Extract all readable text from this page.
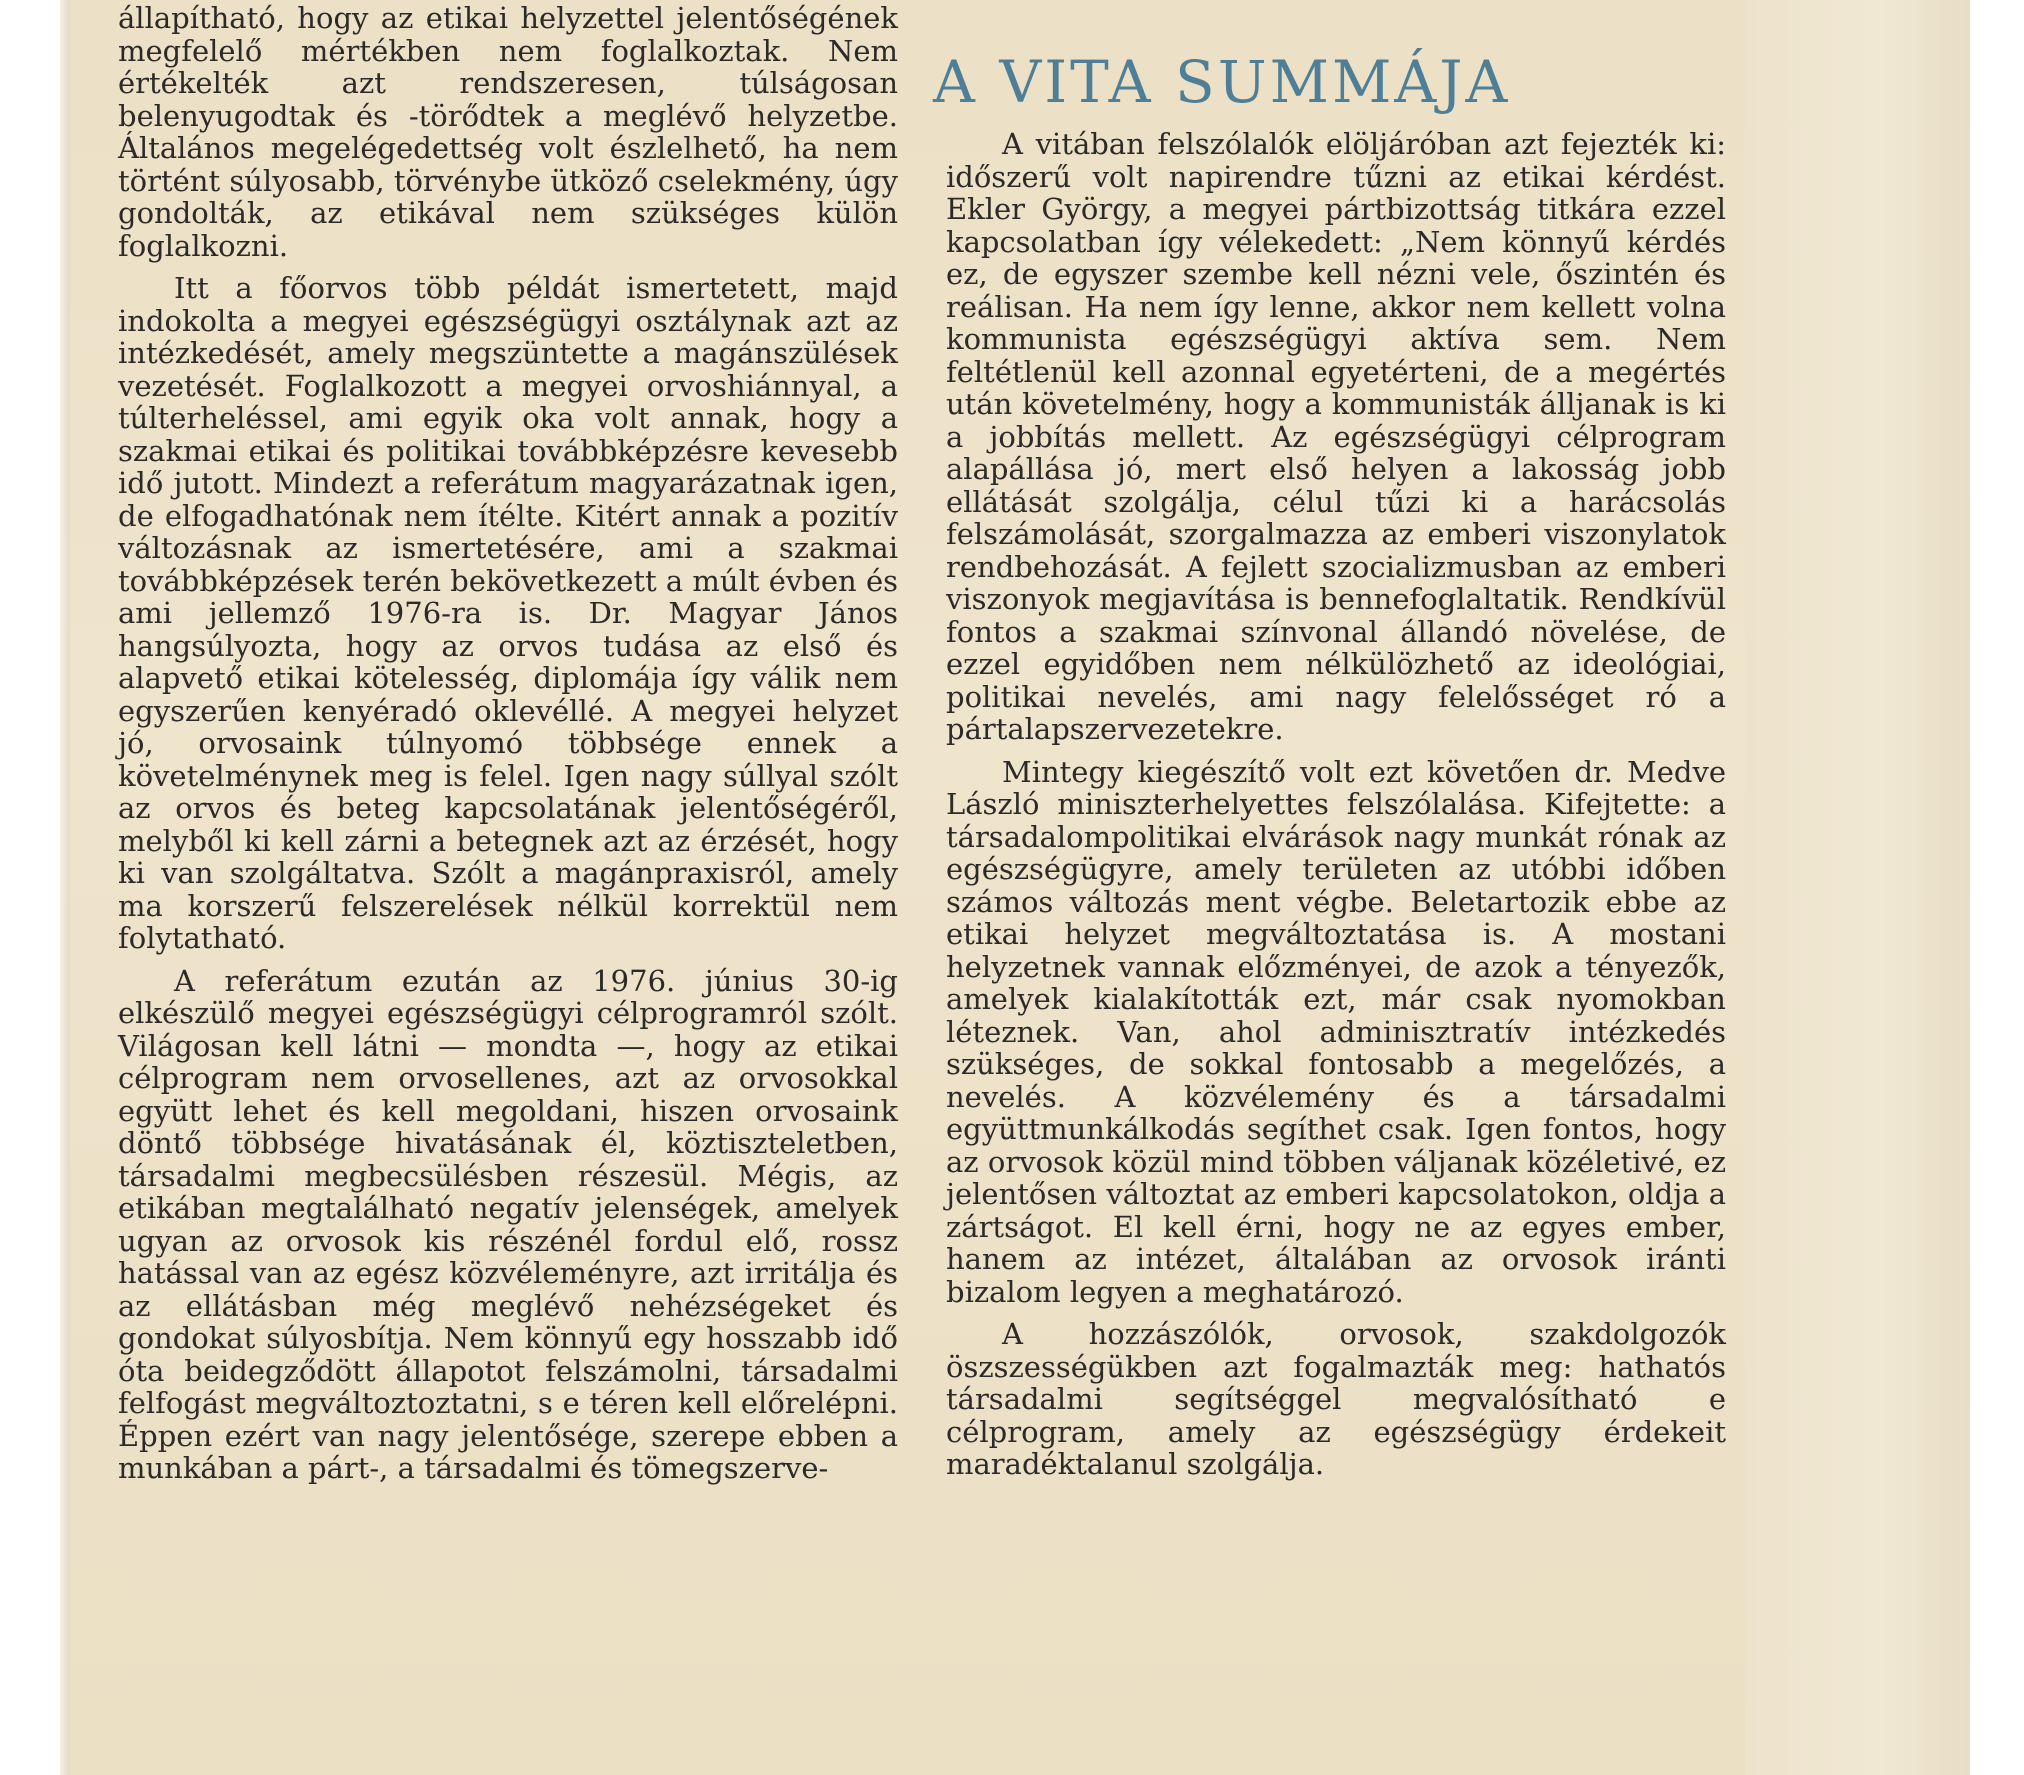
A VITA SUMMÁJA

állapítható, hogy az etikai helyzettel jelentőségének megfelelő mértékben nem foglalkoztak. Nem értékelték azt rendszeresen, túlságosan belenyugodtak és -törődtek a meglévő helyzetbe. Általános megelégedettség volt észlelhető, ha nem történt súlyosabb, törvénybe ütköző cselekmény, úgy gondolták, az etikával nem szükséges külön foglalkozni.

Itt a főorvos több példát ismertetett, majd indokolta a megyei egészségügyi osztálynak azt az intézkedését, amely megszüntette a magánszülések vezetését. Foglalkozott a megyei orvoshiánnyal, a túlterheléssel, ami egyik oka volt annak, hogy a szakmai etikai és politikai továbbképzésre kevesebb idő jutott. Mindezt a referátum magyarázatnak igen, de elfogadhatónak nem ítélte. Kitért annak a pozitív változásnak az ismertetésére, ami a szakmai továbbképzések terén bekövetkezett a múlt évben és ami jellemző 1976-ra is. Dr. Magyar János hangsúlyozta, hogy az orvos tudása az első és alapvető etikai kötelesség, diplomája így válik nem egyszerűen kenyéradó oklevéllé. A megyei helyzet jó, orvosaink túlnyomó többsége ennek a követelménynek meg is felel. Igen nagy súllyal szólt az orvos és beteg kapcsolatának jelentőségéről, melyből ki kell zárni a betegnek azt az érzését, hogy ki van szolgáltatva. Szólt a magánpraxisról, amely ma korszerű felszerelések nélkül korrektül nem folytatható.

A referátum ezután az 1976. június 30-ig elkészülő megyei egészségügyi célprogramról szólt. Világosan kell látni — mondta —, hogy az etikai célprogram nem orvosellenes, azt az orvosokkal együtt lehet és kell megoldani, hiszen orvosaink döntő többsége hivatásának él, köztiszteletben, társadalmi megbecsülésben részesül. Mégis, az etikában megtalálható negatív jelenségek, amelyek ugyan az orvosok kis részénél fordul elő, rossz hatással van az egész közvéleményre, azt irritálja és az ellátásban még meglévő nehézségeket és gondokat súlyosbítja. Nem könnyű egy hosszabb idő óta beidegződött állapotot felszámolni, társadalmi felfogást megváltoztoztatni, s e téren kell előrelépni. Éppen ezért van nagy jelentősége, szerepe ebben a munkában a párt-, a társadalmi és tömegszerve-

A vitában felszólalók elöljáróban azt fejezték ki: időszerű volt napirendre tűzni az etikai kérdést. Ekler György, a megyei pártbizottság titkára ezzel kapcsolatban így vélekedett: „Nem könnyű kérdés ez, de egyszer szembe kell nézni vele, őszintén és reálisan. Ha nem így lenne, akkor nem kellett volna kommunista egészségügyi aktíva sem. Nem feltétlenül kell azonnal egyetérteni, de a megértés után követelmény, hogy a kommunisták álljanak is ki a jobbítás mellett. Az egészségügyi célprogram alapállása jó, mert első helyen a lakosság jobb ellátását szolgálja, célul tűzi ki a harácsolás felszámolását, szorgalmazza az emberi viszonylatok rendbehozását. A fejlett szocializmusban az emberi viszonyok megjavítása is bennefoglaltatik. Rendkívül fontos a szakmai színvonal állandó növelése, de ezzel egyidőben nem nélkülözhető az ideológiai, politikai nevelés, ami nagy felelősséget ró a pártalapszervezetekre.

Mintegy kiegészítő volt ezt követően dr. Medve László miniszterhelyettes felszólalása. Kifejtette: a társadalompolitikai elvárások nagy munkát rónak az egészségügyre, amely területen az utóbbi időben számos változás ment végbe. Beletartozik ebbe az etikai helyzet megváltoztatása is. A mostani helyzetnek vannak előzményei, de azok a tényezők, amelyek kialakították ezt, már csak nyomokban léteznek. Van, ahol adminisztratív intézkedés szükséges, de sokkal fontosabb a megelőzés, a nevelés. A közvélemény és a társadalmi együttmunkálkodás segíthet csak. Igen fontos, hogy az orvosok közül mind többen váljanak közéletivé, ez jelentősen változtat az emberi kapcsolatokon, oldja a zártságot. El kell érni, hogy ne az egyes ember, hanem az intézet, általában az orvosok iránti bizalom legyen a meghatározó.

A hozzászólók, orvosok, szakdolgozók öszszességükben azt fogalmazták meg: hathatós társadalmi segítséggel megvalósítható e célprogram, amely az egészségügy érdekeit maradéktalanul szolgálja.
